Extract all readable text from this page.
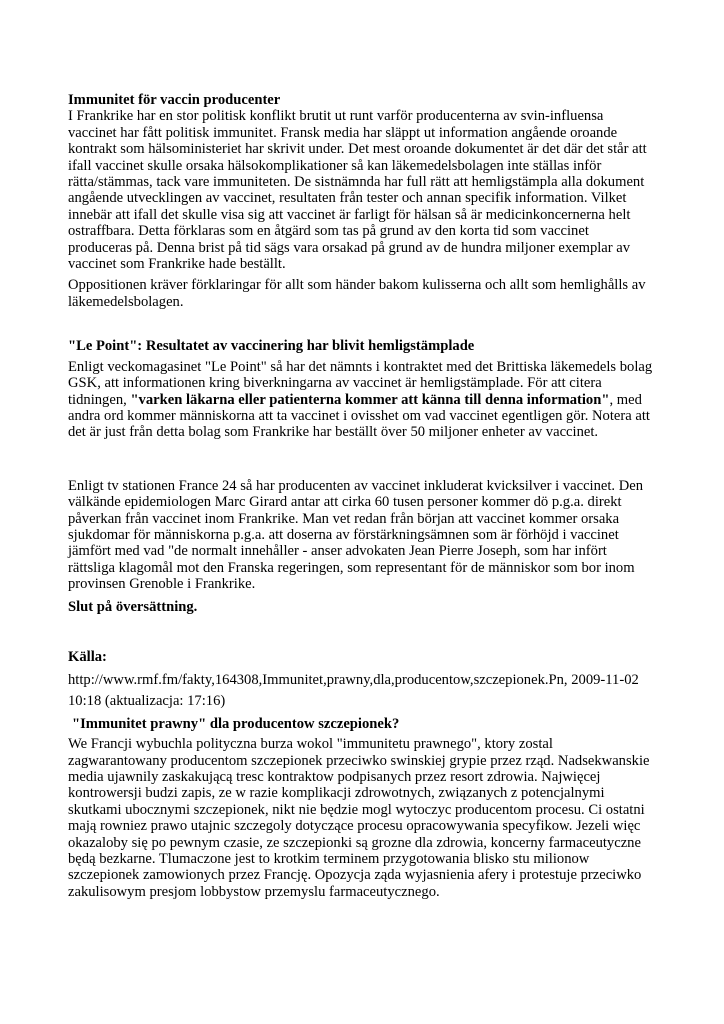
Immunitet för vaccin producenter

I Frankrike har en stor politisk konflikt brutit ut runt varför producenterna av svin-influensa vaccinet har fått politisk immunitet. Fransk media har släppt ut information angående oroande kontrakt som hälsoministeriet har skrivit under. Det mest oroande dokumentet är det där det står att ifall vaccinet skulle orsaka hälsokomplikationer så kan läkemedelsbolagen inte ställas inför rätta/stämmas, tack vare immuniteten. De sistnämnda har full rätt att hemligstämpla alla dokument angående utvecklingen av vaccinet, resultaten från tester och annan specifik information. Vilket innebär att ifall det skulle visa sig att vaccinet är farligt för hälsan så är medicinkoncernerna helt ostraffbara. Detta förklaras som en åtgärd som tas på grund av den korta tid som vaccinet produceras på. Denna brist på tid sägs vara orsakad på grund av de hundra miljoner exemplar av vaccinet som Frankrike hade beställt.

Oppositionen kräver förklaringar för allt som händer bakom kulisserna och allt som hemlighålls av läkemedelsbolagen.

"Le Point": Resultatet av vaccinering har blivit hemligstämplade

Enligt veckomagasinet "Le Point" så har det nämnts i kontraktet med det Brittiska läkemedels bolag GSK, att informationen kring biverkningarna av vaccinet är hemligstämplade. För att citera tidningen, "varken läkarna eller patienterna kommer att känna till denna information", med andra ord kommer människorna att ta vaccinet i ovisshet om vad vaccinet egentligen gör. Notera att det är just från detta bolag som Frankrike har beställt över 50 miljoner enheter av vaccinet.

Enligt tv stationen France 24 så har producenten av vaccinet inkluderat kvicksilver i vaccinet. Den välkände epidemiologen Marc Girard antar att cirka 60 tusen personer kommer dö p.g.a. direkt påverkan från vaccinet inom Frankrike. Man vet redan från början att vaccinet kommer orsaka sjukdomar för människorna p.g.a. att doserna av förstärkningsämnen som är förhöjd i vaccinet jämfört med vad "de normalt innehåller - anser advokaten Jean Pierre Joseph, som har infört rättsliga klagomål mot den Franska regeringen, som representant för de människor som bor inom provinsen Grenoble i Frankrike.

Slut på översättning.

Källa:

http://www.rmf.fm/fakty,164308,Immunitet,prawny,dla,producentow,szczepionek.Pn, 2009-11-02

10:18 (aktualizacja: 17:16)

"Immunitet prawny" dla producentow szczepionek?

We Francji wybuchla polityczna burza wokol "immunitetu prawnego", ktory zostal zagwarantowany producentom szczepionek przeciwko swinskiej grypie przez rząd. Nadsekwanskie media ujawnily zaskakującą tresc kontraktow podpisanych przez resort zdrowia. Najwięcej kontrowersji budzi zapis, ze w razie komplikacji zdrowotnych, związanych z potencjalnymi skutkami ubocznymi szczepionek, nikt nie będzie mogl wytoczyc producentom procesu. Ci ostatni mają rowniez prawo utajnic szczegoly dotyczące procesu opracowywania specyfikow. Jezeli więc okazaloby się po pewnym czasie, ze szczepionki są grozne dla zdrowia, koncerny farmaceutyczne będą bezkarne. Tlumaczone jest to krotkim terminem przygotowania blisko stu milionow szczepionek zamowionych przez Francję. Opozycja ząda wyjasnienia afery i protestuje przeciwko zakulisowym presjom lobbystow przemyslu farmaceutycznego.
